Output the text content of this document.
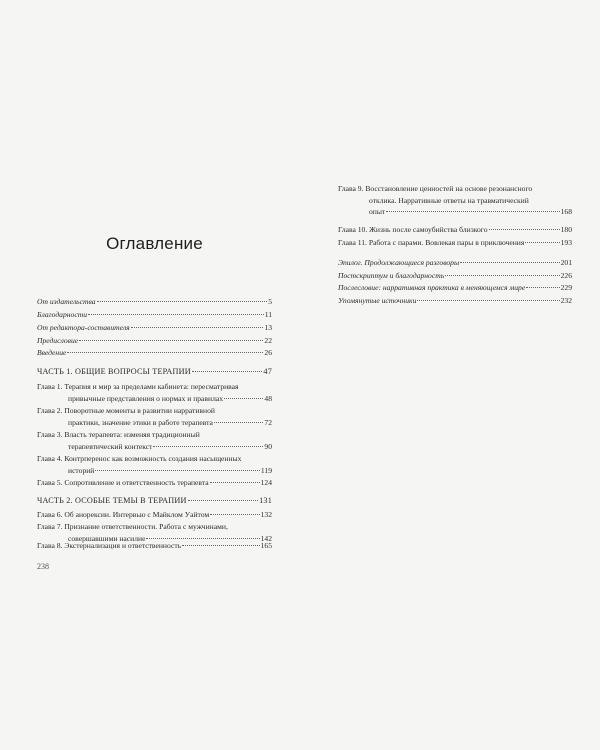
Оглавление
От издательства	5
Благодарности	11
От редактора-составителя	13
Предисловие	22
Введение	26
ЧАСТЬ 1. ОБЩИЕ ВОПРОСЫ ТЕРАПИИ	47
Глава 1. Терапия и мир за пределами кабинета: пересматривая
привычные представления о нормах и правилах	48
Глава 2. Поворотные моменты в развитии нарративной
практики, значение этики в работе терапевта	72
Глава 3. Власть терапевта: изменяя традиционный
терапевтический контекст	90
Глава 4. Контрперенос как возможность создания насыщенных
историй	119
Глава 5. Сопротивление и ответственность терапевта	124
ЧАСТЬ 2. ОСОБЫЕ ТЕМЫ В ТЕРАПИИ	131
Глава 6. Об анорексии. Интервью с Майклом Уайтом	132
Глава 7. Признание ответственности. Работа с мужчинами,
совершавшими насилие	142
Глава 8. Экстернализация и ответственность	165
238
Глава 9. Восстановление ценностей на основе резонансного
отклика. Нарративные ответы на травматический
опыт	168
Глава 10. Жизнь после самоубийства близкого	180
Глава 11. Работа с парами. Вовлекая пары в приключения	193
Эпилог. Продолжающиеся разговоры	201
Постскриптум и благодарность	226
Послесловие: нарративная практика в меняющемся мире	229
Упомянутые источники	232
